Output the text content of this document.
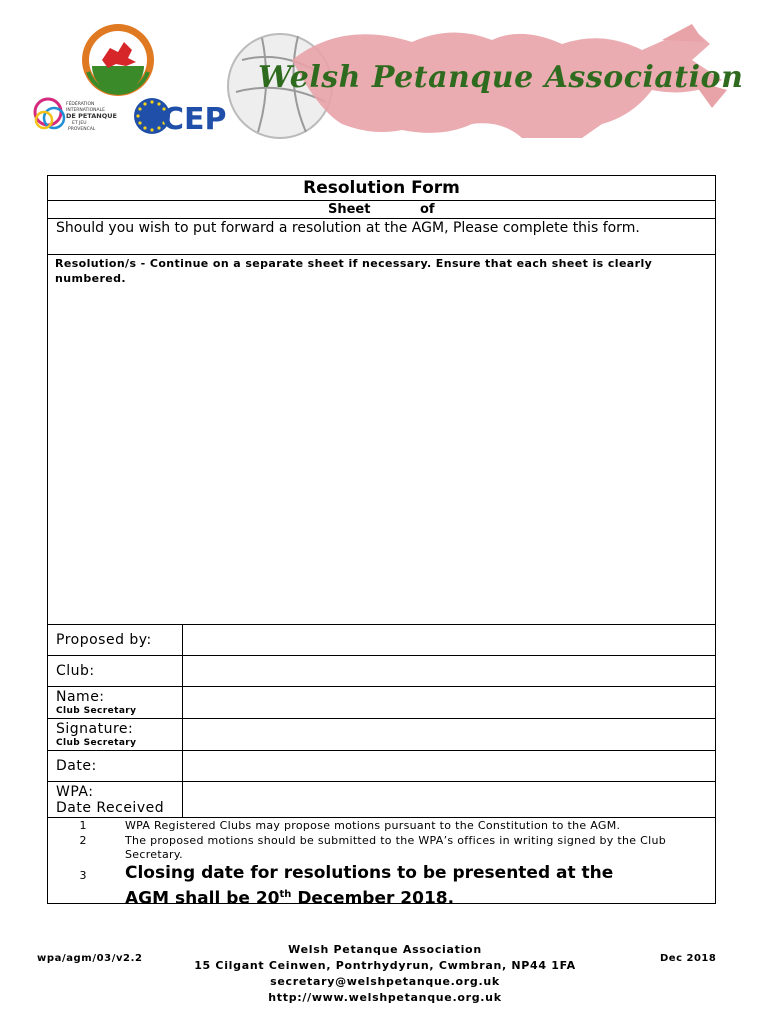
FÉDÉRATION
INTERNATIONALE
DE PETANQUE
ET JEU
PROVENCAL CEP
Welsh Petanque Association
Resolution Form
Sheet	of
Should you wish to put forward a resolution at the AGM, Please complete this form.
Resolution/s - Continue on a separate sheet if necessary. Ensure that each sheet is clearly numbered.
Proposed by:
Club:
Name:
Club Secretary
Signature:
Club Secretary
Date:
WPA:
Date Received
1	WPA Registered Clubs may propose motions pursuant to the Constitution to the AGM.
2	The proposed motions should be submitted to the WPA’s offices in writing signed by the Club Secretary.
3 Closing date for resolutions to be presented at the
AGM shall be 20th December 2018.
wpa/agm/03/v2.2
Welsh Petanque Association
15 Cilgant Ceinwen, Pontrhydyrun, Cwmbran, NP44 1FA
secretary@welshpetanque.org.uk
http://www.welshpetanque.org.uk
Dec 2018
